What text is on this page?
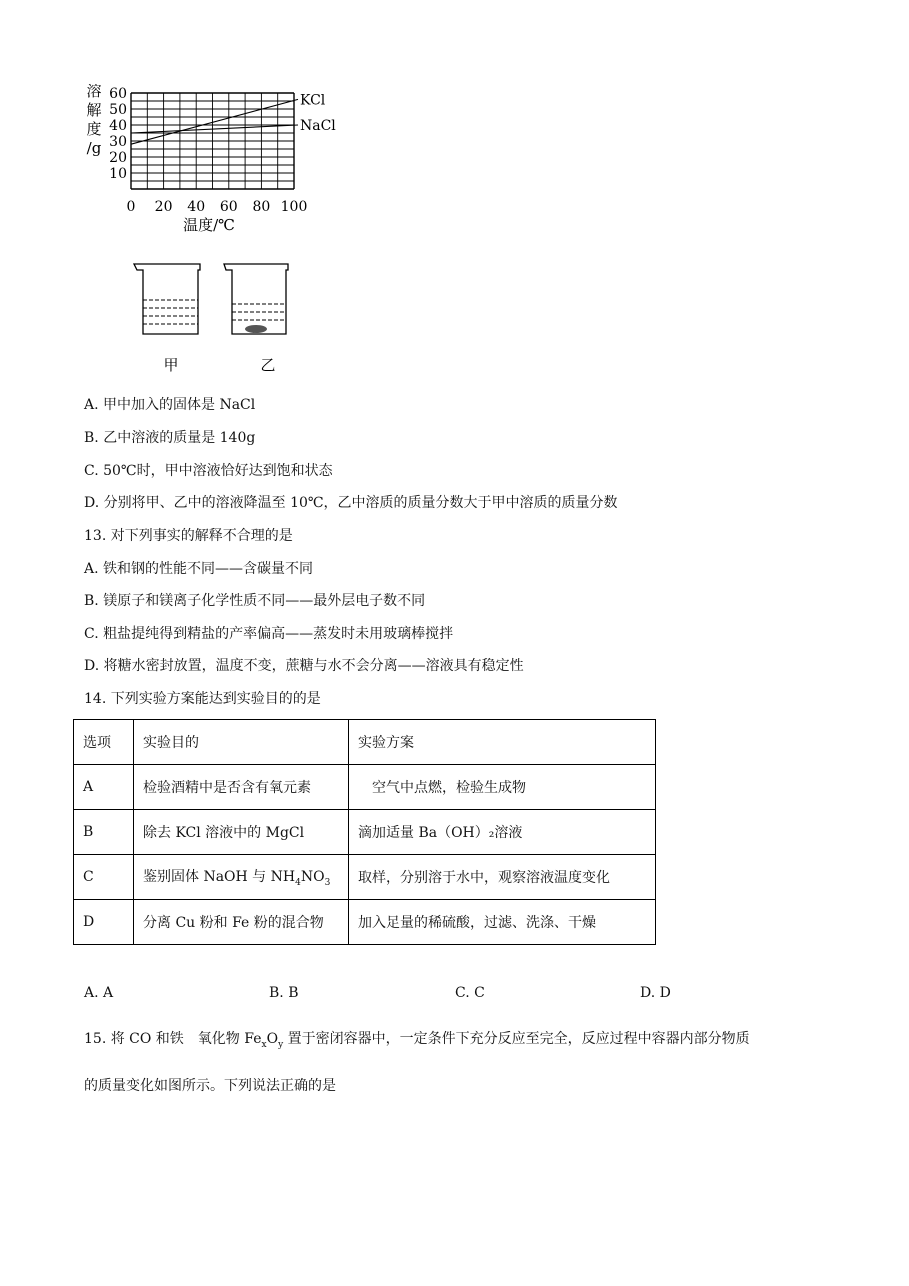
溶
解
度
/g
10
20
30
40
50
60
0 20 40 60 80 100
KCl
NaCl
温度/℃
甲	乙
A. 甲中加入的固体是 NaCl
B. 乙中溶液的质量是 140g
C. 50℃时，甲中溶液恰好达到饱和状态
D. 分别将甲、乙中的溶液降温至 10℃，乙中溶质的质量分数大于甲中溶质的质量分数
13. 对下列事实的解释不合理的是
A. 铁和钢的性能不同——含碳量不同
B. 镁原子和镁离子化学性质不同——最外层电子数不同
C. 粗盐提纯得到精盐的产率偏高——蒸发时未用玻璃棒搅拌
D. 将糖水密封放置，温度不变，蔗糖与水不会分离——溶液具有稳定性
14. 下列实验方案能达到实验目的的是
选项	实验目的	实验方案
A	检验酒精中是否含有氧元素	　空气中点燃，检验生成物
B	除去 KCl 溶液中的 MgCl	滴加适量 Ba（OH）₂溶液
C	鉴别固体 NaOH 与 $NH_4NO_3$	取样，分别溶于水中，观察溶液温度变化
D	分离 Cu 粉和 Fe 粉的混合物	加入足量的稀硫酸，过滤、洗涤、干燥
A. A	B. B	C. C	D. D
15. 将 CO 和铁　氧化物 $Fe_xO_y$ 置于密闭容器中，一定条件下充分反应至完全，反应过程中容器内部分物质
的质量变化如图所示。下列说法正确的是
